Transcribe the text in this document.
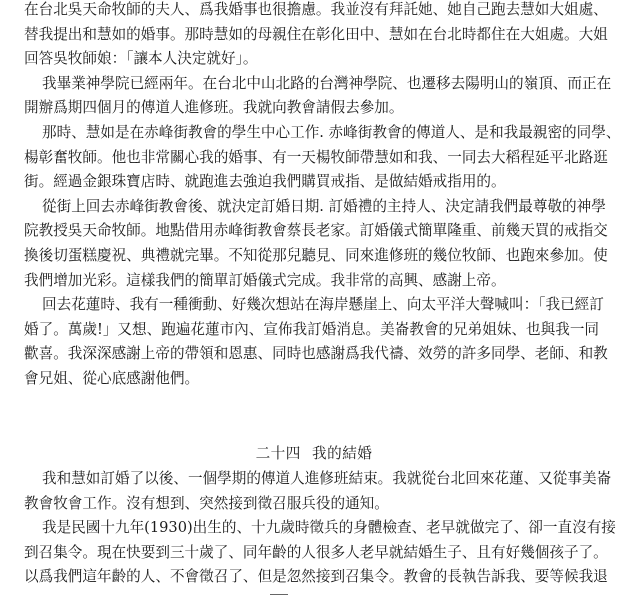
在台北吳天命牧師的夫人、爲我婚事也很擔慮。我並沒有拜託她、她自己跑去慧如大姐處、
替我提出和慧如的婚事。那時慧如的母親住在彰化田中、慧如在台北時都住在大姐處。大姐
回答吳牧師娘：「讓本人決定就好」。
我畢業神學院已經兩年。在台北中山北路的台灣神學院、也遷移去陽明山的嶺頂、而正在
開辦爲期四個月的傳道人進修班。我就向教會請假去參加。
那時、慧如是在赤峰街教會的學生中心工作. 赤峰街教會的傳道人、是和我最親密的同學、
楊彰奮牧師。他也非常關心我的婚事、有一天楊牧師帶慧如和我、一同去大稻程延平北路逛
街。經過金銀珠寶店時、就跑進去強迫我們購買戒指、是做結婚戒指用的。
從街上回去赤峰街教會後、就決定訂婚日期. 訂婚禮的主持人、決定請我們最尊敬的神學
院教授吳天命牧師。地點借用赤峰街教會蔡長老家。訂婚儀式簡單隆重、前幾天買的戒指交
換後切蛋糕慶祝、典禮就完畢。不知從那兒聽見、同來進修班的幾位牧師、也跑來參加。使
我們增加光彩。這樣我們的簡單訂婚儀式完成。我非常的高興、感謝上帝。
回去花蓮時、我有一種衝動、好幾次想站在海岸懸崖上、向太平洋大聲喊叫：「我已經訂
婚了。萬歲!」又想、跑遍花蓮市內、宣佈我訂婚消息。美崙教會的兄弟姐妹、也與我一同
歡喜。我深深感謝上帝的帶領和恩惠、同時也感謝爲我代禱、效勞的許多同學、老師、和教
會兄姐、從心底感謝他們。
二十四 我的結婚
我和慧如訂婚了以後、一個學期的傳道人進修班結束。我就從台北回來花蓮、又從事美崙
教會牧會工作。沒有想到、突然接到徵召服兵役的通知。
我是民國十九年(1930)出生的、十九歲時徵兵的身體檢查、老早就做完了、卻一直沒有接
到召集令。現在快要到三十歲了、同年齡的人很多人老早就結婚生子、且有好幾個孩子了。
以爲我們這年齡的人、不會徵召了、但是忽然接到召集令。教會的長執告訴我、要等候我退
